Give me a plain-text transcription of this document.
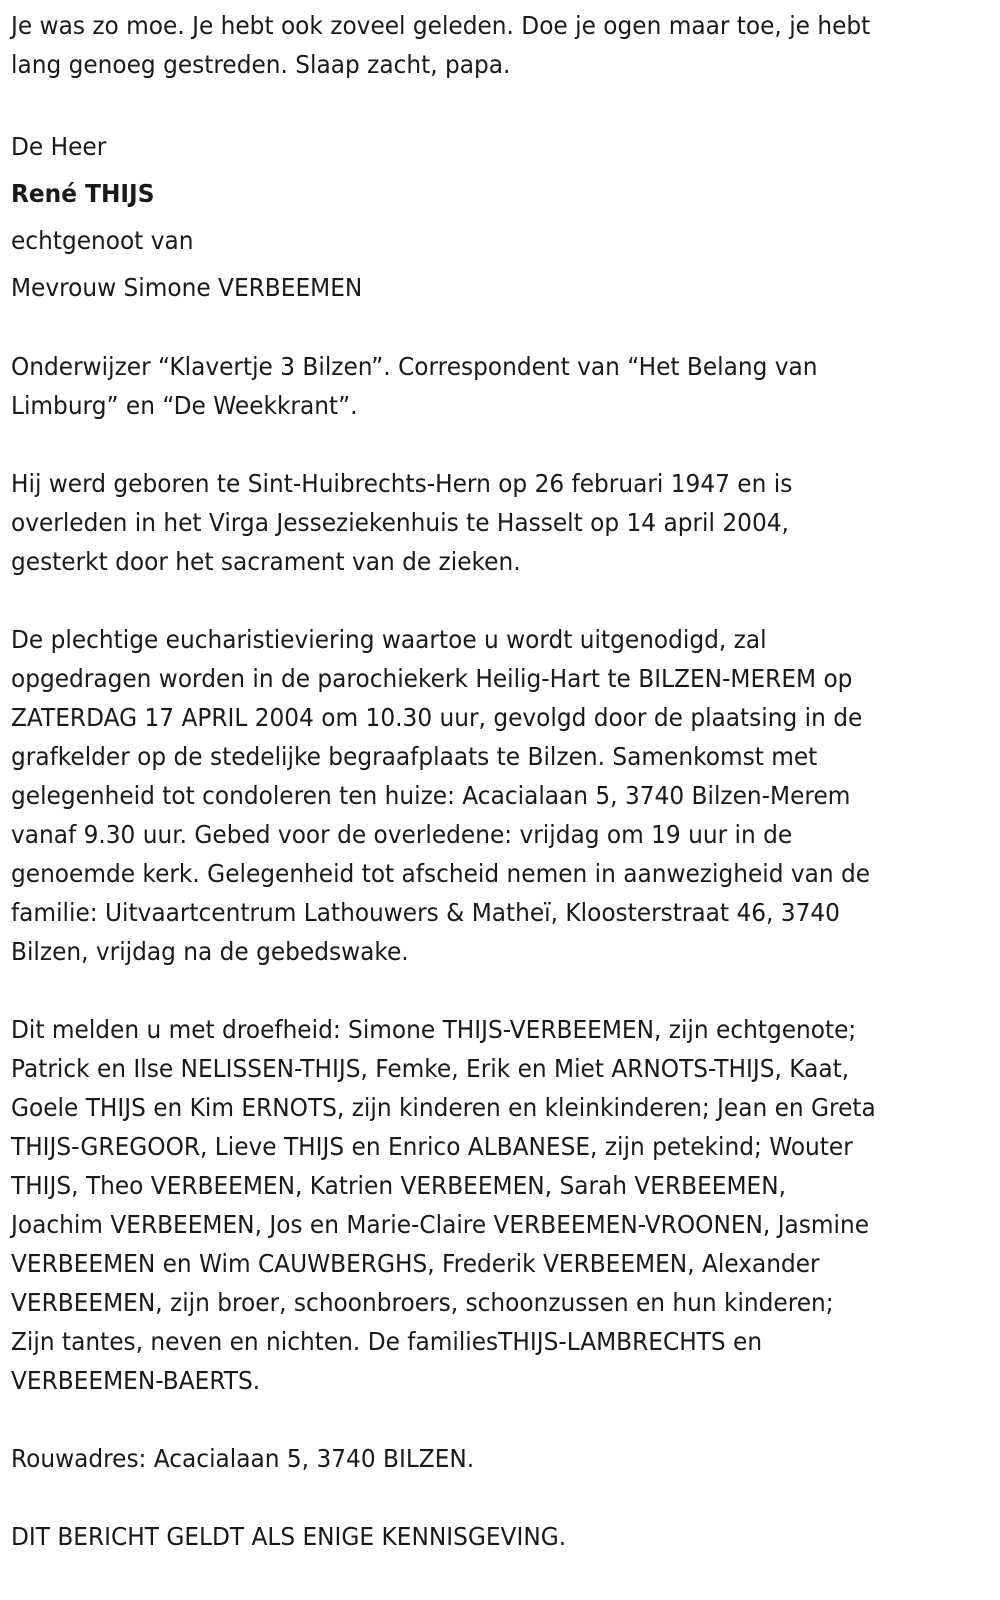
Je was zo moe. Je hebt ook zoveel geleden. Doe je ogen maar toe, je hebt
lang genoeg gestreden. Slaap zacht, papa.
De Heer
René THIJS
echtgenoot van
Mevrouw Simone VERBEEMEN
Onderwijzer “Klavertje 3 Bilzen”. Correspondent van “Het Belang van
Limburg” en “De Weekkrant”.
Hij werd geboren te Sint-Huibrechts-Hern op 26 februari 1947 en is
overleden in het Virga Jesseziekenhuis te Hasselt op 14 april 2004,
gesterkt door het sacrament van de zieken.
De plechtige eucharistieviering waartoe u wordt uitgenodigd, zal
opgedragen worden in de parochiekerk Heilig-Hart te BILZEN-MEREM op
ZATERDAG 17 APRIL 2004 om 10.30 uur, gevolgd door de plaatsing in de
grafkelder op de stedelijke begraafplaats te Bilzen. Samenkomst met
gelegenheid tot condoleren ten huize: Acacialaan 5, 3740 Bilzen-Merem
vanaf 9.30 uur. Gebed voor de overledene: vrijdag om 19 uur in de
genoemde kerk. Gelegenheid tot afscheid nemen in aanwezigheid van de
familie: Uitvaartcentrum Lathouwers & Matheï, Kloosterstraat 46, 3740
Bilzen, vrijdag na de gebedswake.
Dit melden u met droefheid: Simone THIJS-VERBEEMEN, zijn echtgenote;
Patrick en Ilse NELISSEN-THIJS, Femke, Erik en Miet ARNOTS-THIJS, Kaat,
Goele THIJS en Kim ERNOTS, zijn kinderen en kleinkinderen; Jean en Greta
THIJS-GREGOOR, Lieve THIJS en Enrico ALBANESE, zijn petekind; Wouter
THIJS, Theo VERBEEMEN, Katrien VERBEEMEN, Sarah VERBEEMEN,
Joachim VERBEEMEN, Jos en Marie-Claire VERBEEMEN-VROONEN, Jasmine
VERBEEMEN en Wim CAUWBERGHS, Frederik VERBEEMEN, Alexander
VERBEEMEN, zijn broer, schoonbroers, schoonzussen en hun kinderen;
Zijn tantes, neven en nichten. De familiesTHIJS-LAMBRECHTS en
VERBEEMEN-BAERTS.
Rouwadres: Acacialaan 5, 3740 BILZEN.
DIT BERICHT GELDT ALS ENIGE KENNISGEVING.
